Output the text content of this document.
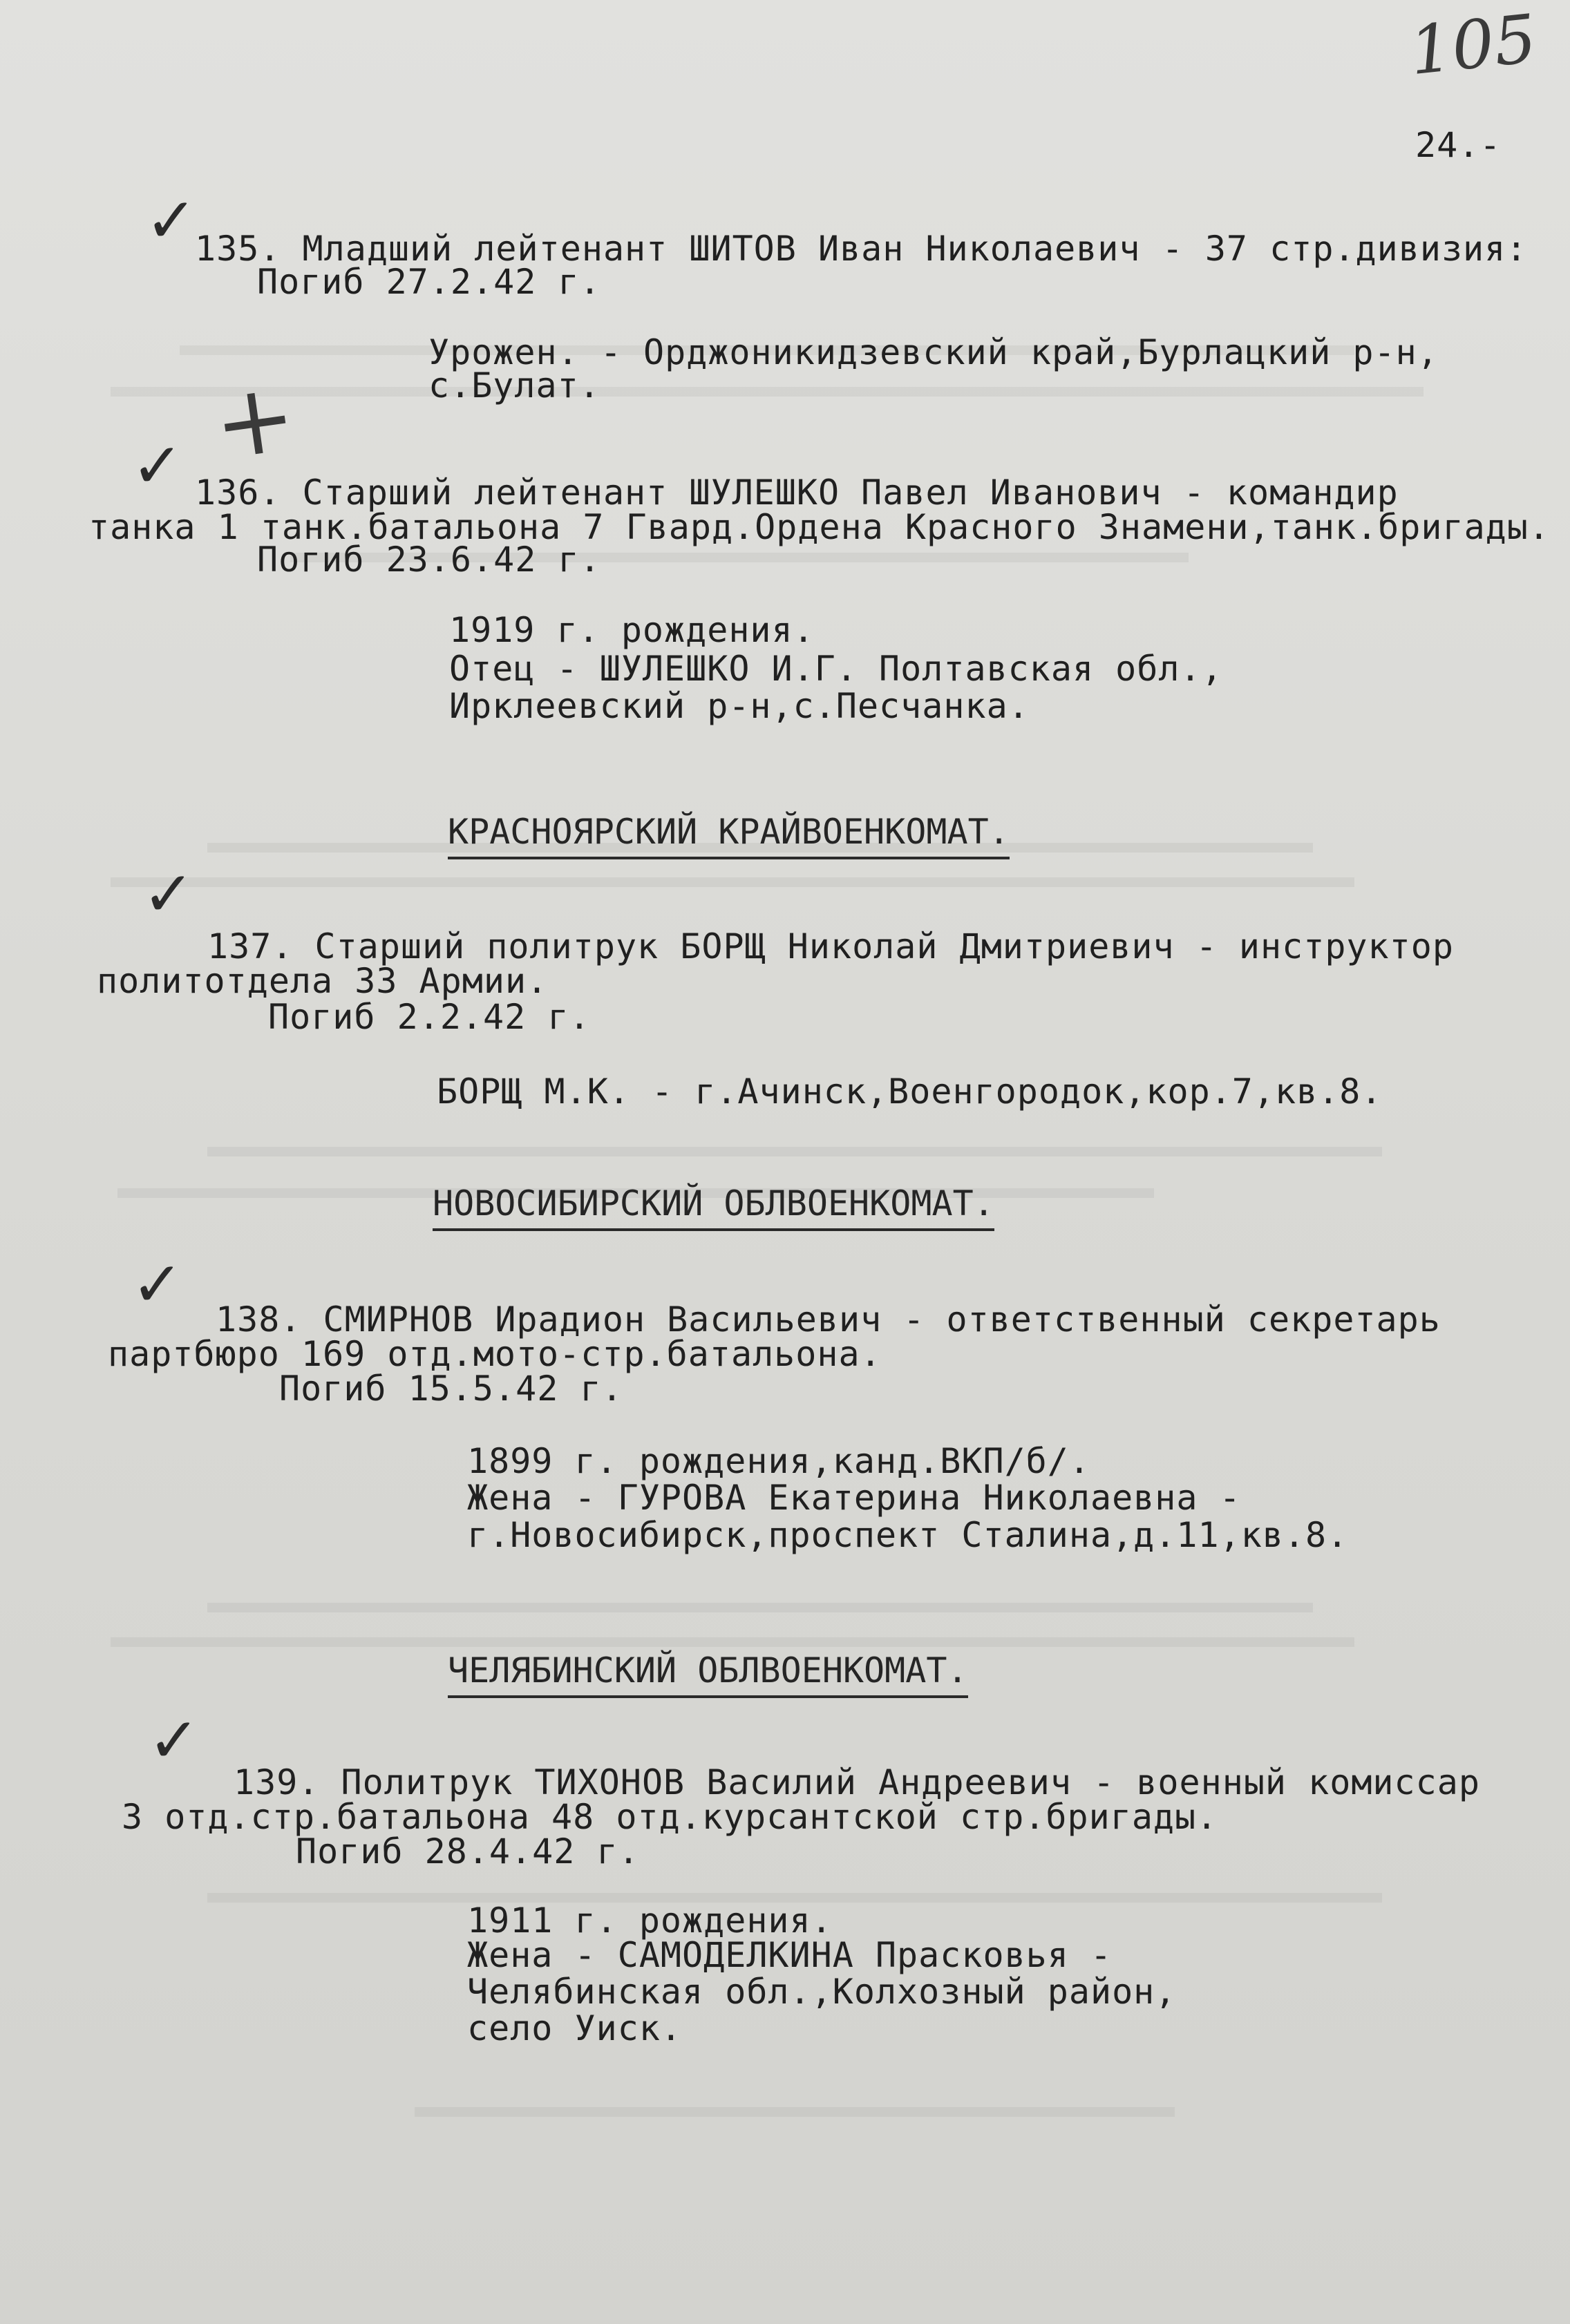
105
24.-
✓
135. Младший лейтенант ШИТОВ Иван Николаевич - 37 стр.дивизия:
Погиб 27.2.42 г.
Урожен. - Орджоникидзевский край,Бурлацкий р-н,
с.Булат.
+
✓ 136. Старший лейтенант ШУЛЕШКО Павел Иванович - командир
танка 1 танк.батальона 7 Гвард.Ордена Красного Знамени,танк.бригады.
Погиб 23.6.42 г.
1919 г. рождения.
Отец - ШУЛЕШКО И.Г. Полтавская обл.,
Ирклеевский р-н,с.Песчанка.
КРАСНОЯРСКИЙ КРАЙВОЕНКОМАТ.
✓
137. Старший политрук БОРЩ Николай Дмитриевич - инструктор
политотдела 33 Армии.
Погиб 2.2.42 г.
БОРЩ М.К. - г.Ачинск,Военгородок,кор.7,кв.8.
НОВОСИБИРСКИЙ ОБЛВОЕНКОМАТ.
✓ 138. СМИРНОВ Ирадион Васильевич - ответственный секретарь
партбюро 169 отд.мото-стр.батальона.
Погиб 15.5.42 г.
1899 г. рождения,канд.ВКП/б/.
Жена - ГУРОВА Екатерина Николаевна -
г.Новосибирск,проспект Сталина,д.11,кв.8.
ЧЕЛЯБИНСКИЙ ОБЛВОЕНКОМАТ.
✓
139. Политрук ТИХОНОВ Василий Андреевич - военный комиссар
3 отд.стр.батальона 48 отд.курсантской стр.бригады.
Погиб 28.4.42 г.
1911 г. рождения.
Жена - САМОДЕЛКИНА Прасковья -
Челябинская обл.,Колхозный район,
село Уиск.
